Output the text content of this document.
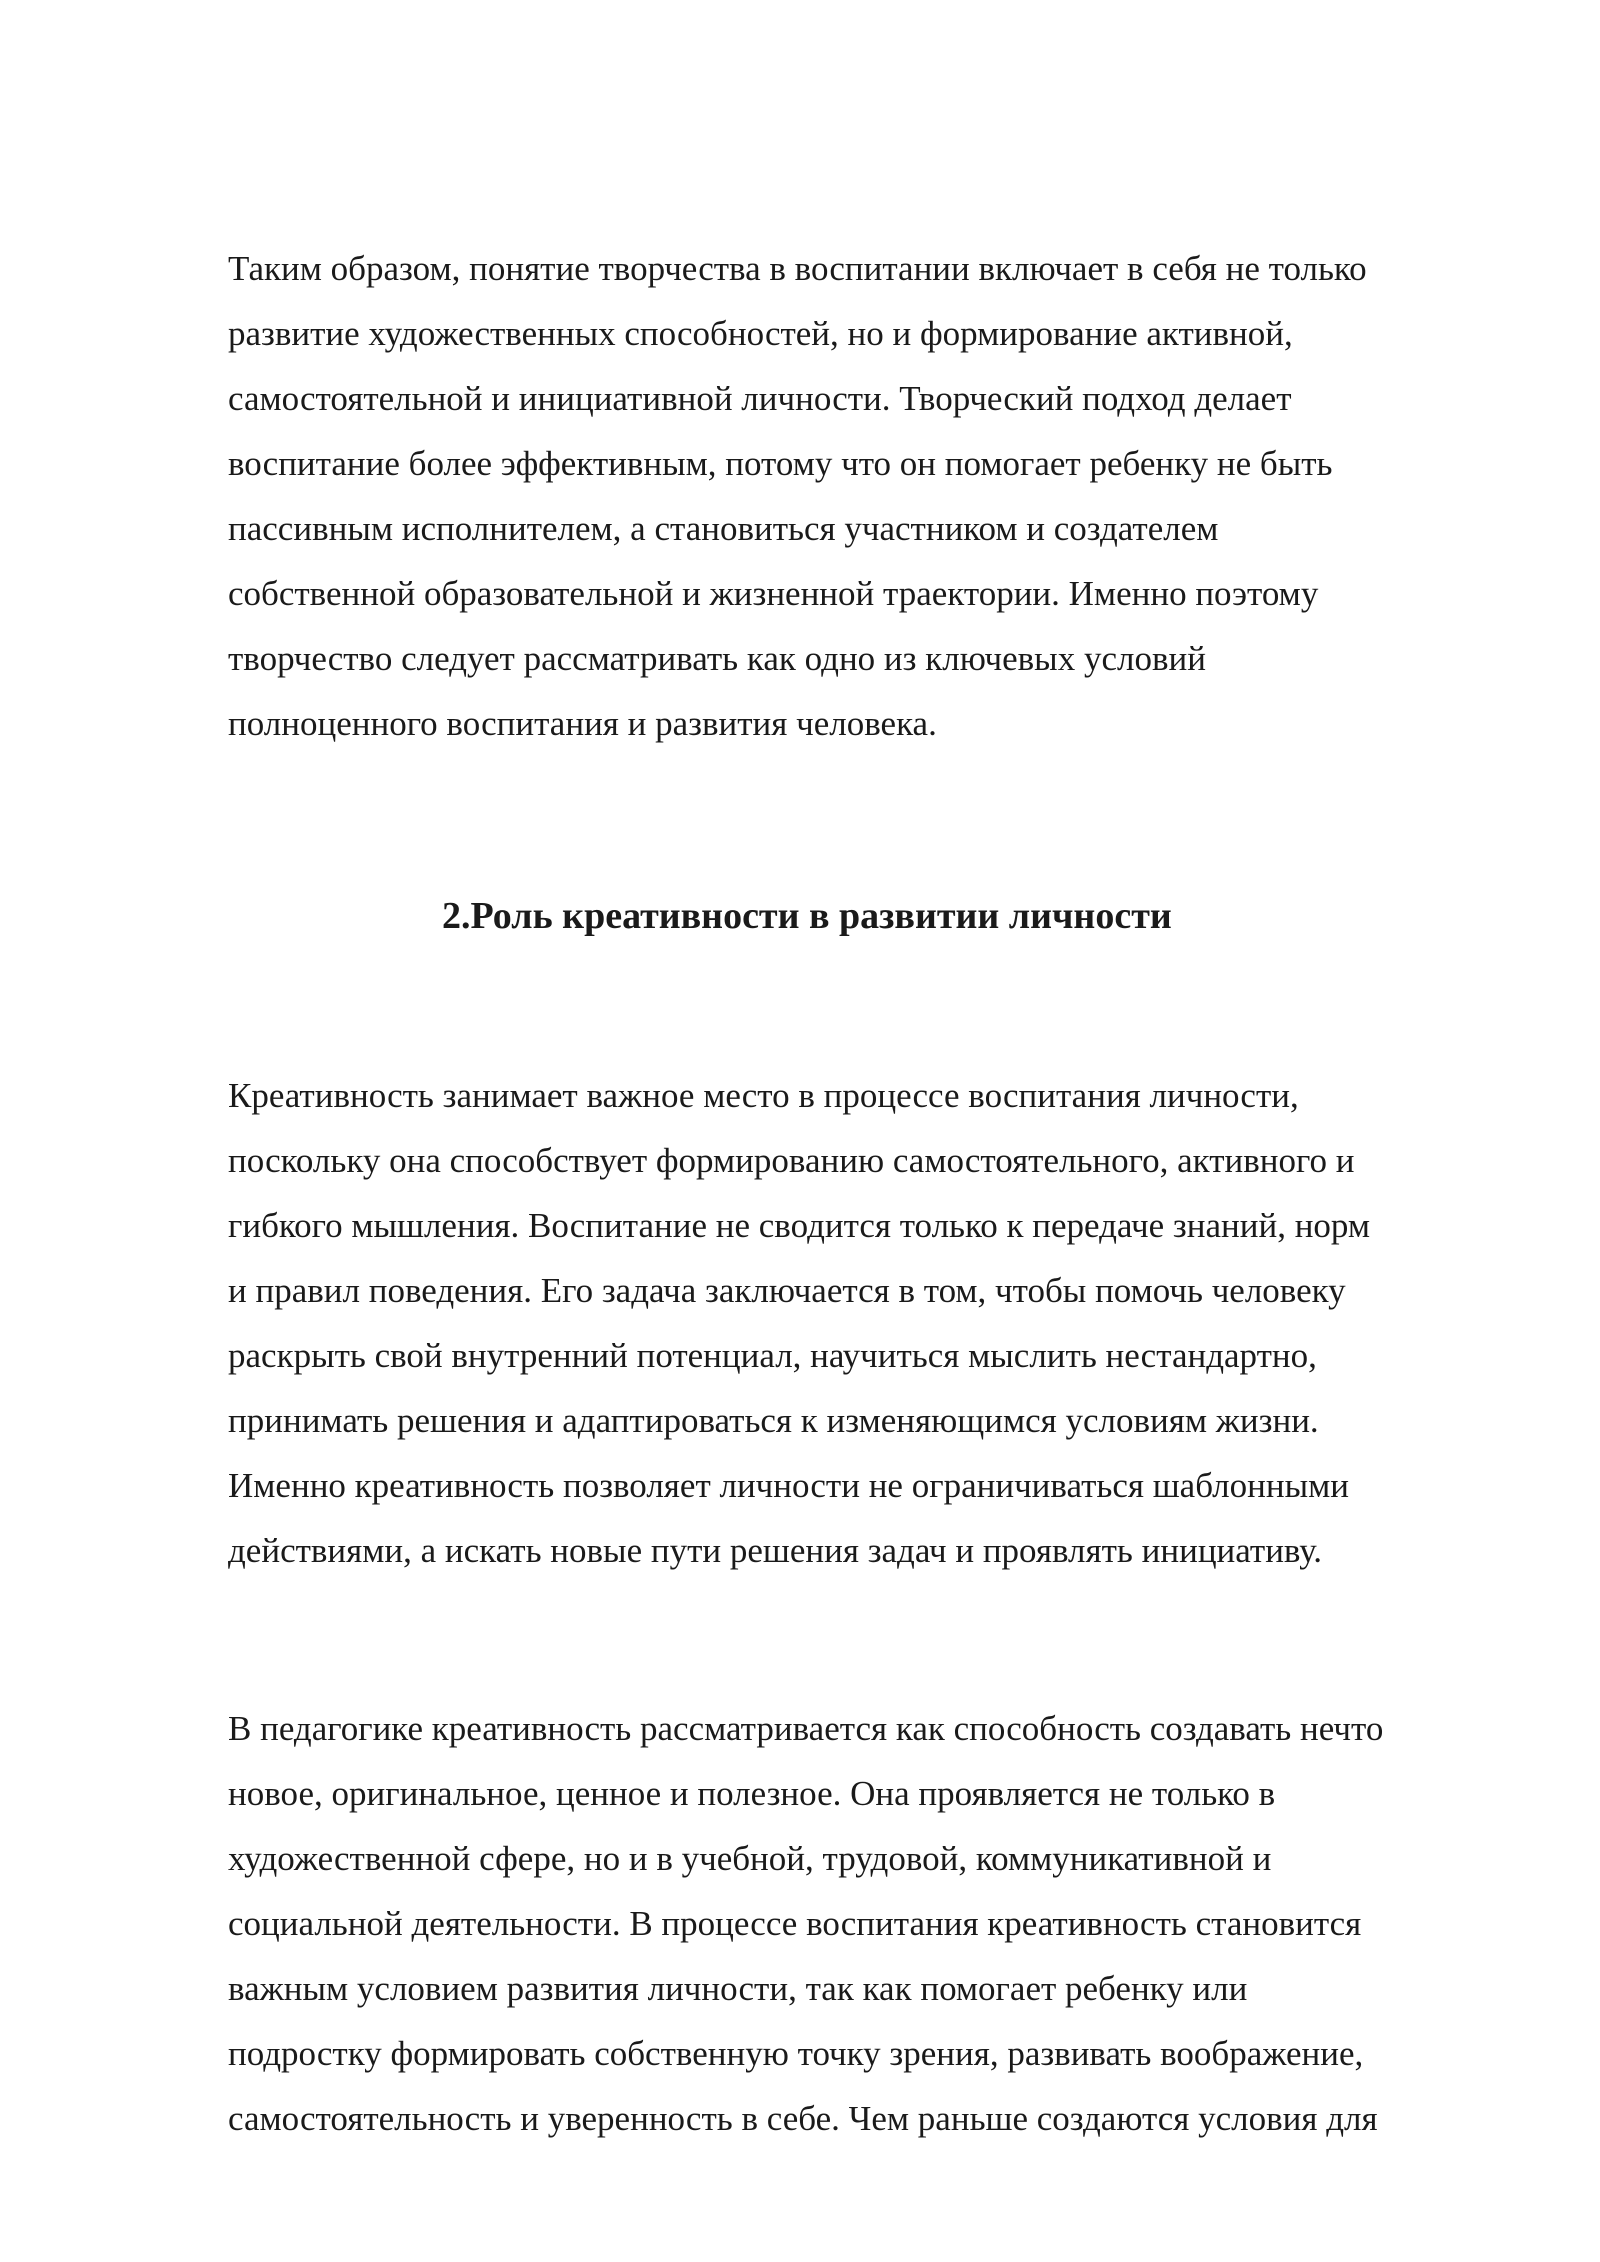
Таким образом, понятие творчества в воспитании включает в себя не только
развитие художественных способностей, но и формирование активной,
самостоятельной и инициативной личности. Творческий подход делает
воспитание более эффективным, потому что он помогает ребенку не быть
пассивным исполнителем, а становиться участником и создателем
собственной образовательной и жизненной траектории. Именно поэтому
творчество следует рассматривать как одно из ключевых условий
полноценного воспитания и развития человека.
2.Роль креативности в развитии личности
Креативность занимает важное место в процессе воспитания личности,
поскольку она способствует формированию самостоятельного, активного и
гибкого мышления. Воспитание не сводится только к передаче знаний, норм
и правил поведения. Его задача заключается в том, чтобы помочь человеку
раскрыть свой внутренний потенциал, научиться мыслить нестандартно,
принимать решения и адаптироваться к изменяющимся условиям жизни.
Именно креативность позволяет личности не ограничиваться шаблонными
действиями, а искать новые пути решения задач и проявлять инициативу.
В педагогике креативность рассматривается как способность создавать нечто
новое, оригинальное, ценное и полезное. Она проявляется не только в
художественной сфере, но и в учебной, трудовой, коммуникативной и
социальной деятельности. В процессе воспитания креативность становится
важным условием развития личности, так как помогает ребенку или
подростку формировать собственную точку зрения, развивать воображение,
самостоятельность и уверенность в себе. Чем раньше создаются условия для
